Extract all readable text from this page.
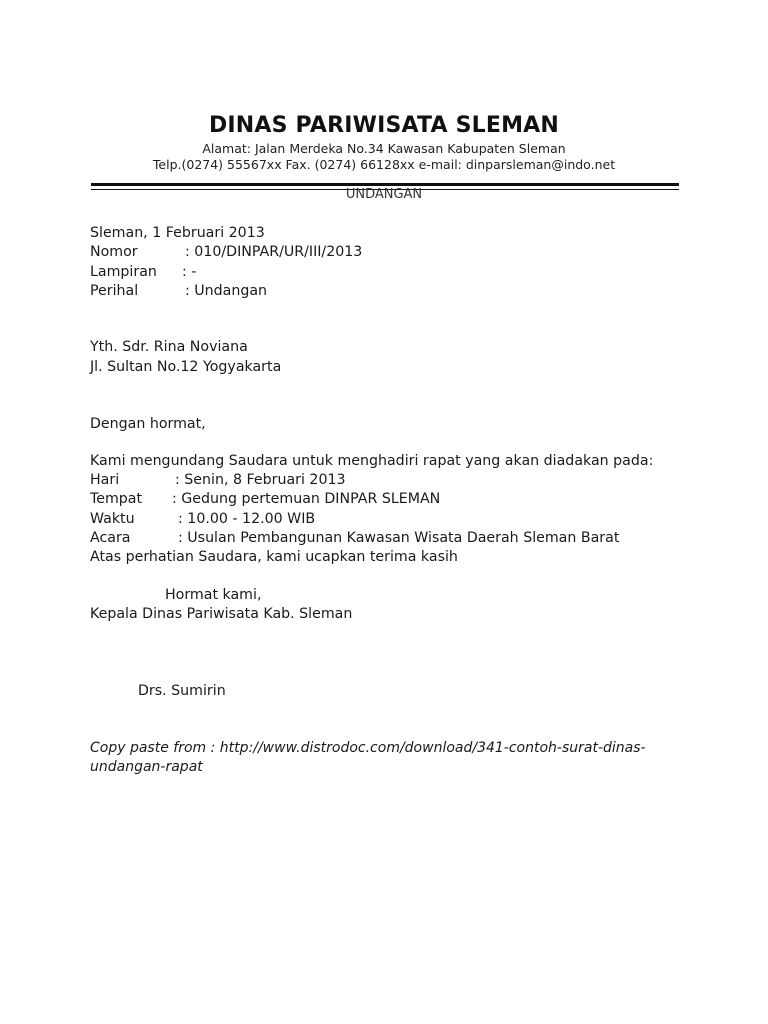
DINAS PARIWISATA SLEMAN
Alamat: Jalan Merdeka No.34 Kawasan Kabupaten Sleman
Telp.(0274) 55567xx Fax. (0274) 66128xx e-mail: dinparsleman@indo.net
UNDANGAN
Sleman, 1 Februari 2013
Nomor	: 010/DINPAR/UR/III/2013
Lampiran : -
Perihal	: Undangan
Yth. Sdr. Rina Noviana
Jl. Sultan No.12 Yogyakarta
Dengan hormat,
Kami mengundang Saudara untuk menghadiri rapat yang akan diadakan pada:
Hari	: Senin, 8 Februari 2013
Tempat : Gedung pertemuan DINPAR SLEMAN
Waktu	: 10.00 - 12.00 WIB
Acara	: Usulan Pembangunan Kawasan Wisata Daerah Sleman Barat
Atas perhatian Saudara, kami ucapkan terima kasih
Hormat kami,
Kepala Dinas Pariwisata Kab. Sleman
Drs. Sumirin
Copy paste from : http://www.distrodoc.com/download/341-contoh-surat-dinas-undangan-rapat
